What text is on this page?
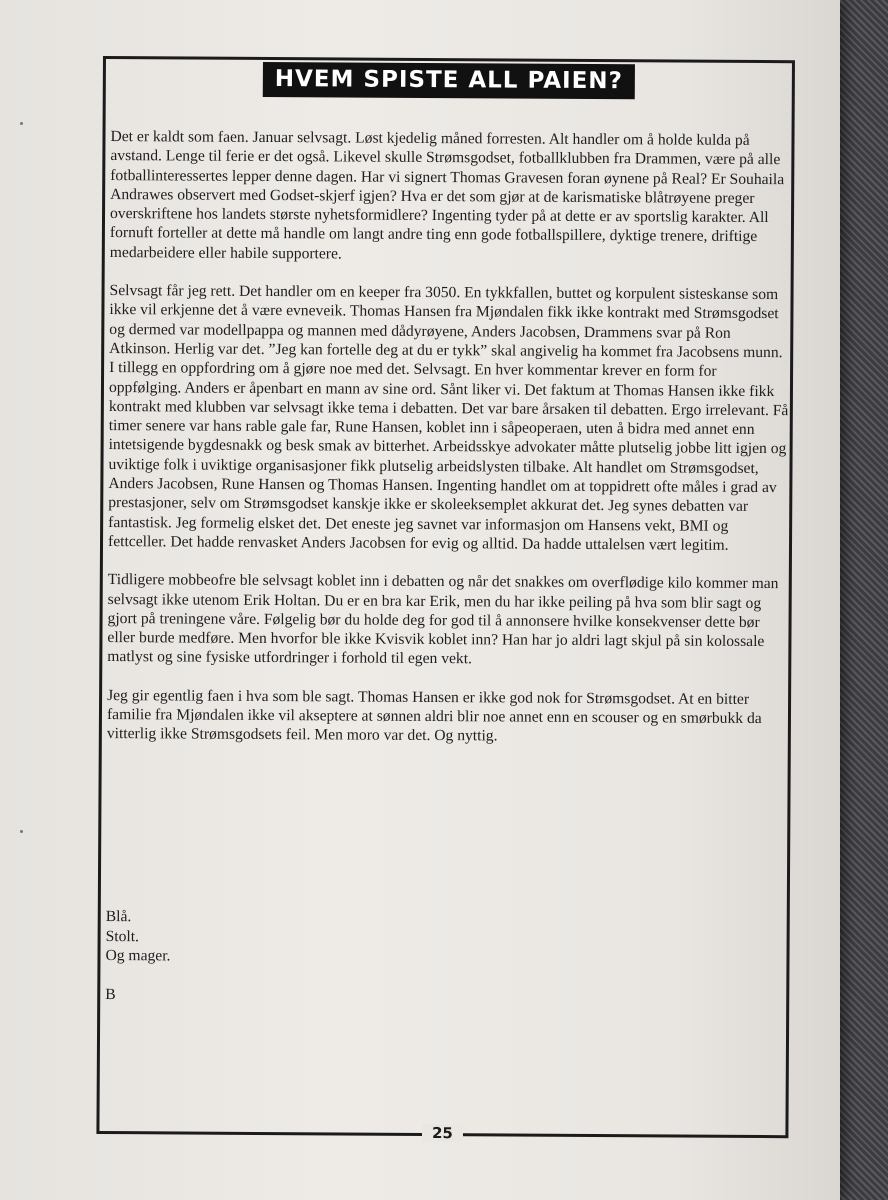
HVEM SPISTE ALL PAIEN?

Det er kaldt som faen. Januar selvsagt. Løst kjedelig måned forresten. Alt handler om å holde kulda på avstand. Lenge til ferie er det også. Likevel skulle Strømsgodset, fotballklubben fra Drammen, være på alle fotballinteressertes lepper denne dagen. Har vi signert Thomas Gravesen foran øynene på Real? Er Souhaila Andrawes observert med Godset-skjerf igjen? Hva er det som gjør at de karismatiske blåtrøyene preger overskriftene hos landets største nyhetsformidlere? Ingenting tyder på at dette er av sportslig karakter. All fornuft forteller at dette må handle om langt andre ting enn gode fotballspillere, dyktige trenere, driftige medarbeidere eller habile supportere.

Selvsagt får jeg rett. Det handler om en keeper fra 3050. En tykkfallen, buttet og korpulent sisteskanse som ikke vil erkjenne det å være evneveik. Thomas Hansen fra Mjøndalen fikk ikke kontrakt med Strømsgodset og dermed var modellpappa og mannen med dådyrøyene, Anders Jacobsen, Drammens svar på Ron Atkinson. Herlig var det. ”Jeg kan fortelle deg at du er tykk” skal angivelig ha kommet fra Jacobsens munn. I tillegg en oppfordring om å gjøre noe med det. Selvsagt. En hver kommentar krever en form for oppfølging. Anders er åpenbart en mann av sine ord. Sånt liker vi. Det faktum at Thomas Hansen ikke fikk kontrakt med klubben var selvsagt ikke tema i debatten. Det var bare årsaken til debatten. Ergo irrelevant. Få timer senere var hans rable gale far, Rune Hansen, koblet inn i såpeoperaen, uten å bidra med annet enn intetsigende bygdesnakk og besk smak av bitterhet. Arbeidsskye advokater måtte plutselig jobbe litt igjen og uviktige folk i uviktige organisasjoner fikk plutselig arbeidslysten tilbake. Alt handlet om Strømsgodset, Anders Jacobsen, Rune Hansen og Thomas Hansen. Ingenting handlet om at toppidrett ofte måles i grad av prestasjoner, selv om Strømsgodset kanskje ikke er skoleeksemplet akkurat det. Jeg synes debatten var fantastisk. Jeg formelig elsket det. Det eneste jeg savnet var informasjon om Hansens vekt, BMI og fettceller. Det hadde renvasket Anders Jacobsen for evig og alltid. Da hadde uttalelsen vært legitim.

Tidligere mobbeofre ble selvsagt koblet inn i debatten og når det snakkes om overflødige kilo kommer man selvsagt ikke utenom Erik Holtan. Du er en bra kar Erik, men du har ikke peiling på hva som blir sagt og gjort på treningene våre. Følgelig bør du holde deg for god til å annonsere hvilke konsekvenser dette bør eller burde medføre. Men hvorfor ble ikke Kvisvik koblet inn? Han har jo aldri lagt skjul på sin kolossale matlyst og sine fysiske utfordringer i forhold til egen vekt.

Jeg gir egentlig faen i hva som ble sagt. Thomas Hansen er ikke god nok for Strømsgodset. At en bitter familie fra Mjøndalen ikke vil akseptere at sønnen aldri blir noe annet enn en scouser og en smørbukk da vitterlig ikke Strømsgodsets feil. Men moro var det. Og nyttig.

Blå.
Stolt.
Og mager.
B
25
